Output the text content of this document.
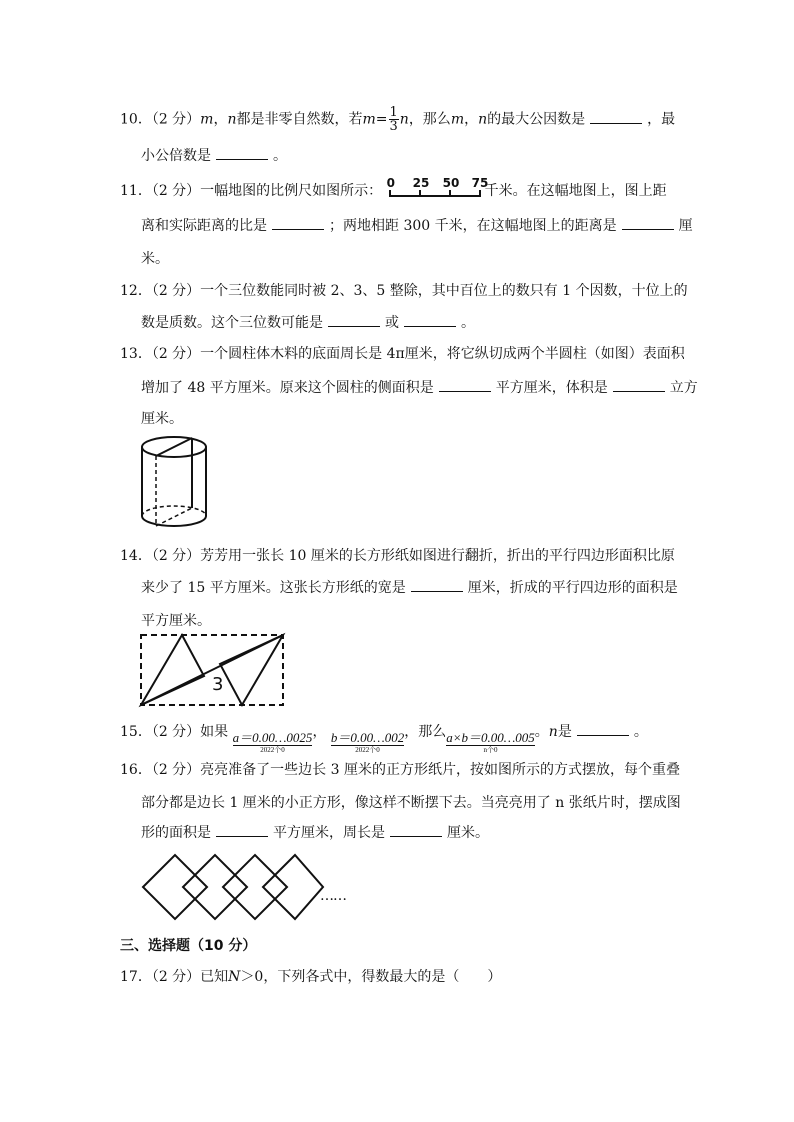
10．（2 分）m，n都是非零自然数，若$m= \frac{1}{3}$ n，那么m，n的最大公因数是	，最
小公倍数是	。
11．（2 分）一幅地图的比例尺如图所示： 0 25 50 75
千米。在这幅地图上，图上距
离和实际距离的比是	；两地相距 300 千米，在这幅地图上的距离是	厘
米。
12．（2 分）一个三位数能同时被 2、3、5 整除，其中百位上的数只有 1 个因数，十位上的
数是质数。这个三位数可能是	或	。
13．（2 分）一个圆柱体木料的底面周长是 4π厘米，将它纵切成两个半圆柱（如图）表面积
增加了 48 平方厘米。原来这个圆柱的侧面积是	平方厘米，体积是	立方
厘米。
14．（2 分）芳芳用一张长 10 厘米的长方形纸如图进行翻折，折出的平行四边形面积比原
来少了 15 平方厘米。这张长方形纸的宽是	厘米，折成的平行四边形的面积是
平方厘米。
3
15．（2 分）如果 a＝0.00…0025
2022个0
， b＝0.00…002
2022个0
，那么 a×b＝0.00…005
n个0
。n是	。
16．（2 分）亮亮准备了一些边长 3 厘米的正方形纸片，按如图所示的方式摆放，每个重叠
部分都是边长 1 厘米的小正方形，像这样不断摆下去。当亮亮用了 n 张纸片时，摆成图
形的面积是	平方厘米，周长是	厘米。
……
三、选择题（10 分）
17．（2 分）已知N＞0，下列各式中，得数最大的是（　　）
